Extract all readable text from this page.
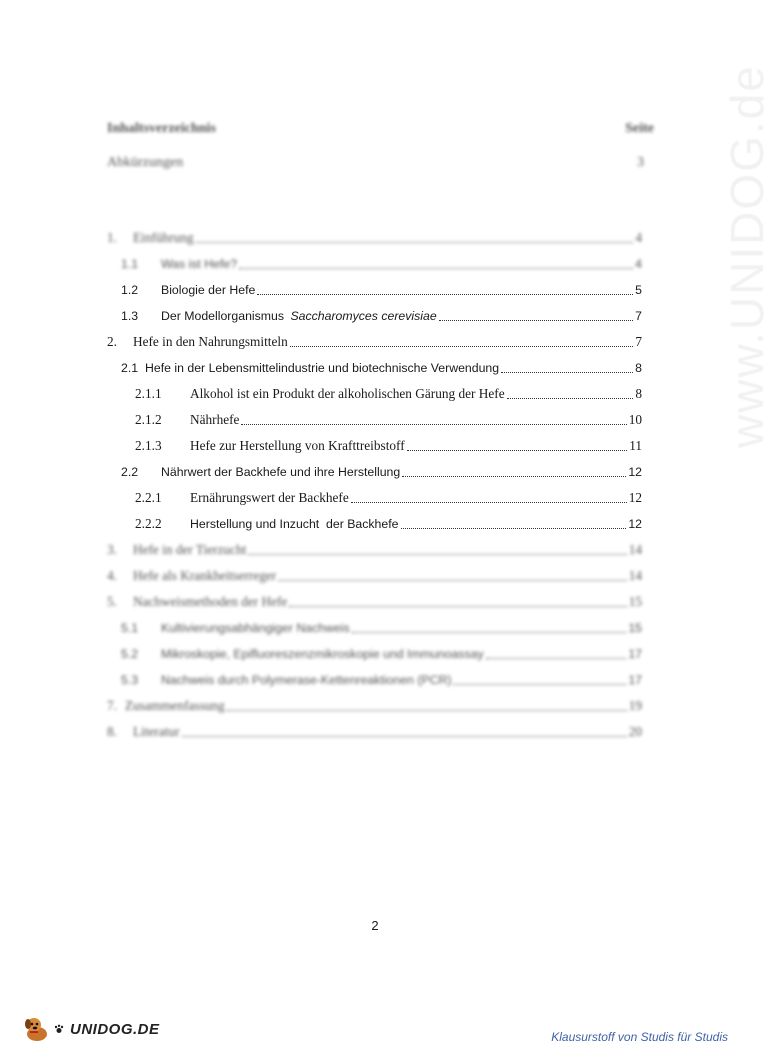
www.UNIDOG.de
Inhaltsverzeichnis	Seite
Abkürzungen	3
1.	Einführung	4
1.1	Was ist Hefe?	4
1.2	Biologie der Hefe	5
1.3	Der Modellorganismus Saccharomyces cerevisiae	7
2.	Hefe in den Nahrungsmitteln	7
2.1 Hefe in der Lebensmittelindustrie und biotechnische Verwendung	8
2.1.1	Alkohol ist ein Produkt der alkoholischen Gärung der Hefe	8
2.1.2	Nährhefe	10
2.1.3	Hefe zur Herstellung von Krafttreibstoff	11
2.2	Nährwert der Backhefe und ihre Herstellung	12
2.2.1	Ernährungswert der Backhefe	12
2.2.2	Herstellung und Inzucht  der Backhefe	12
3.	Hefe in der Tierzucht	14
4.	Hefe als Krankheitserreger	14
5.	Nachweismethoden der Hefe	15
5.1	Kultivierungsabhängiger Nachweis	15
5.2	Mikroskopie, Epifluoreszenzmikroskopie und Immunoassay	17
5.3	Nachweis durch Polymerase-Kettenreaktionen (PCR)	17
7. Zusammenfassung	19
8.	Literatur	20
2
UNIDOG.DE	Klausurstoff von Studis für Studis
